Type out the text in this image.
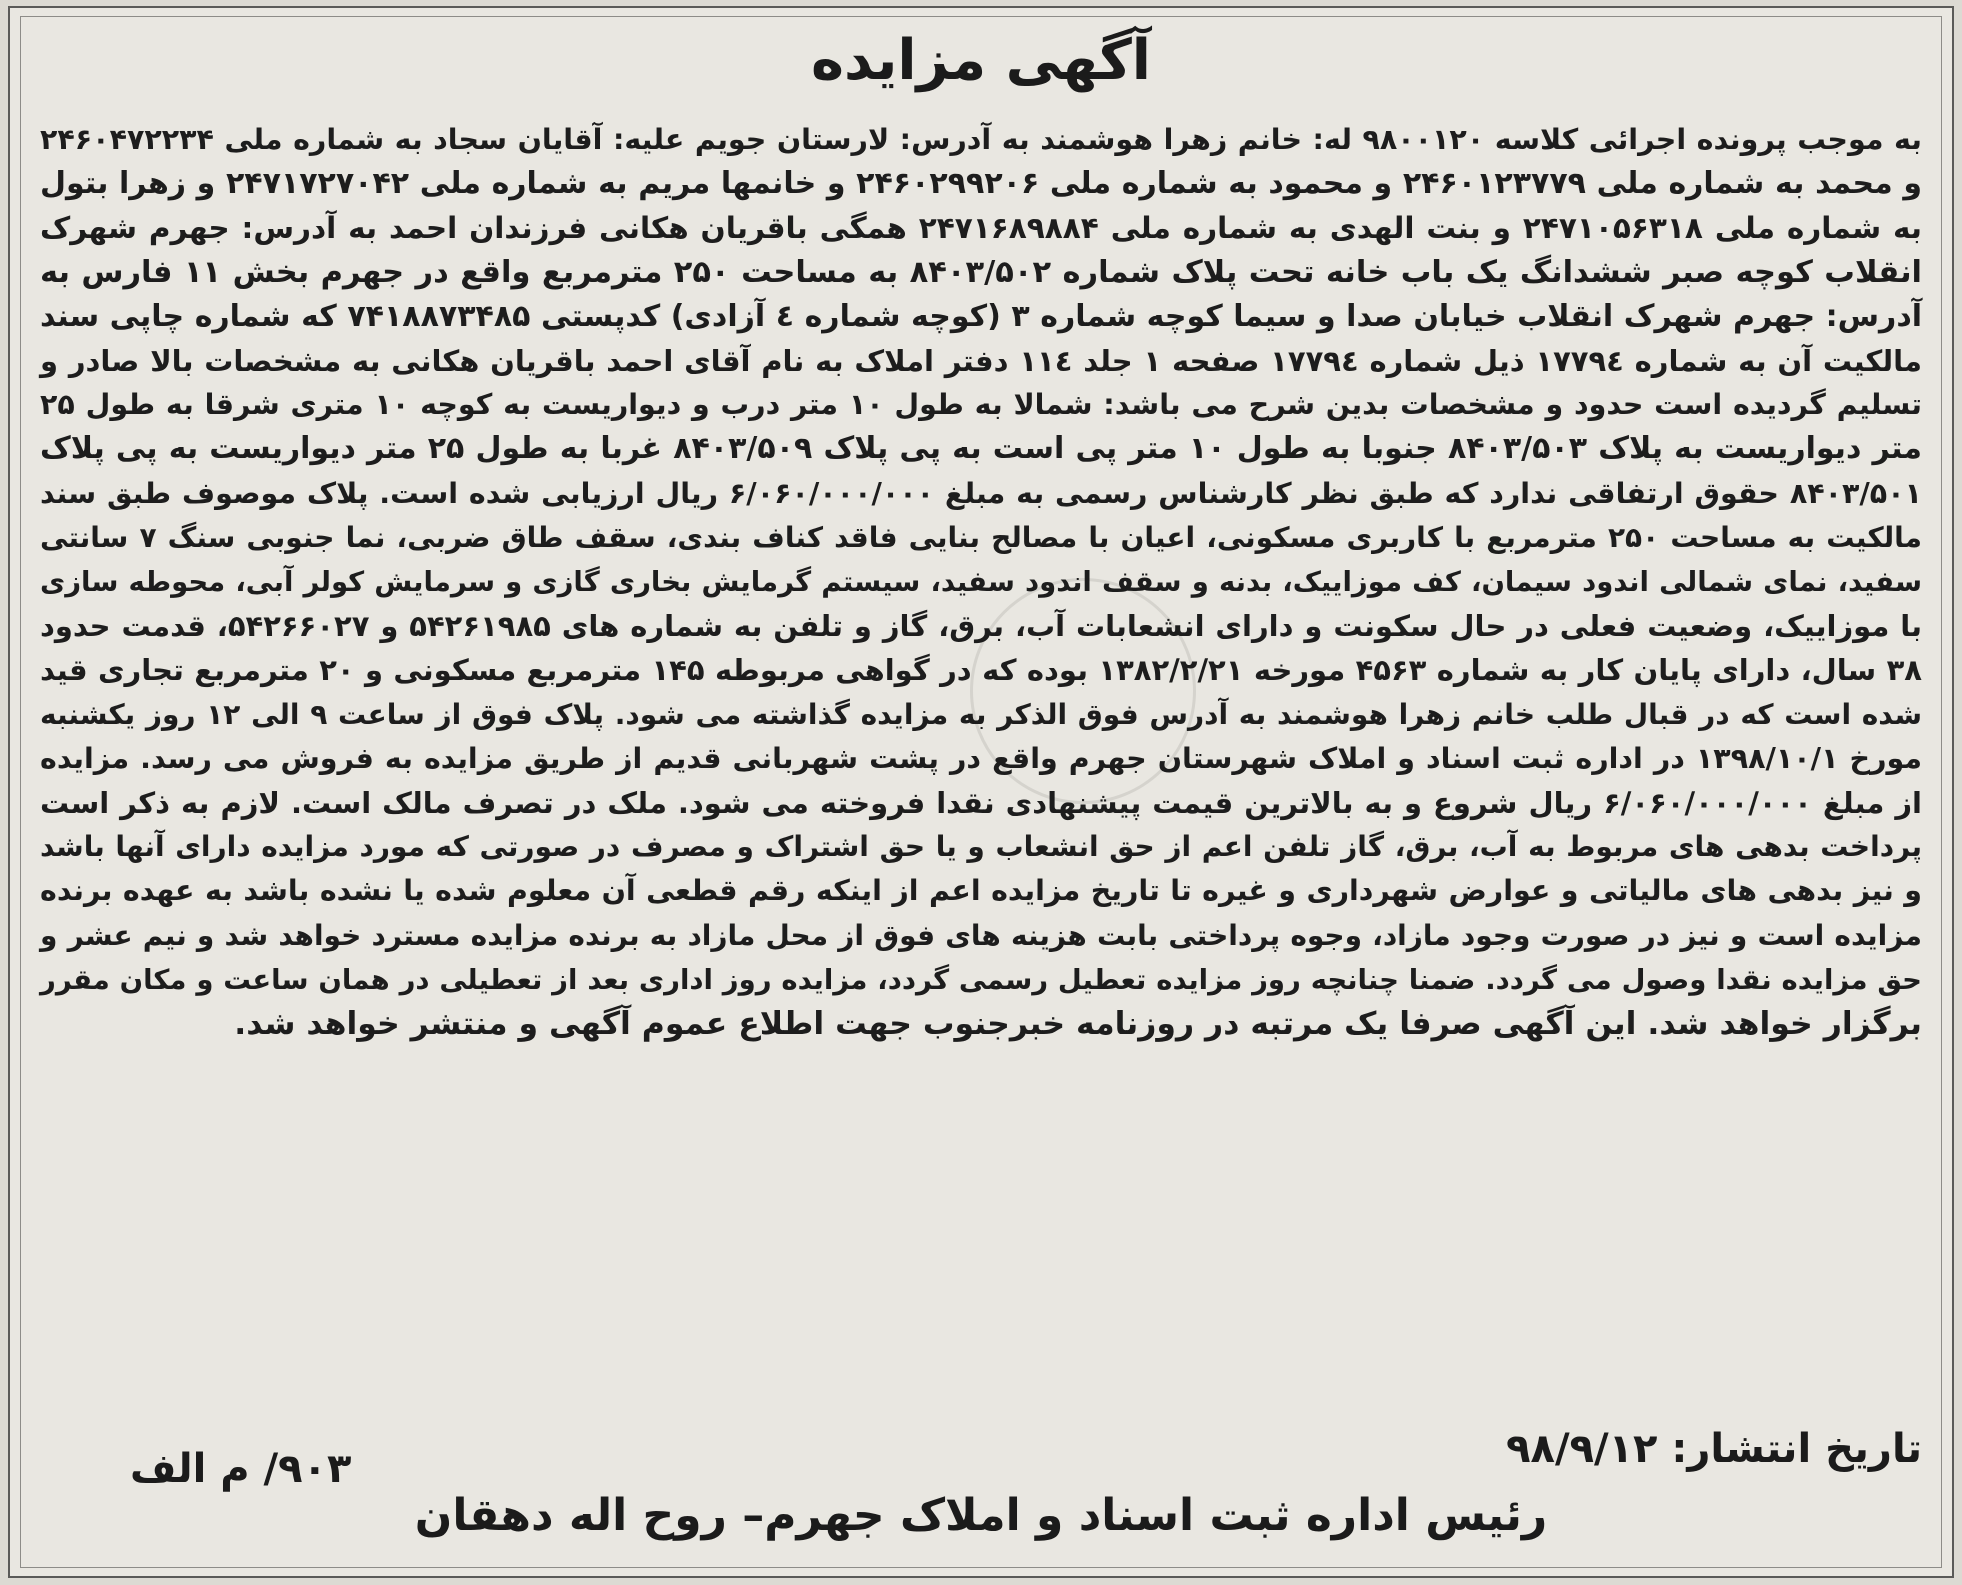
آگهی مزایده
به موجب پرونده اجرائی کلاسه ۹۸۰۰۱۲۰ له: خانم زهرا هوشمند به آدرس: لارستان جویم علیه: آقایان سجاد به شماره ملی ۲۴۶۰۴۷۲۲۳۴
و محمد به شماره ملی ۲۴۶۰۱۲۳۷۷۹ و محمود به شماره ملی ۲۴۶۰۲۹۹۲۰۶ و خانمها مریم به شماره ملی ۲۴۷۱۷۲۷۰۴۲ و زهرا بتول
به شماره ملی ۲۴۷۱۰۵۶۳۱۸ و بنت الهدی به شماره ملی ۲۴۷۱۶۸۹۸۸۴ همگی باقریان هکانی فرزندان احمد به آدرس: جهرم شهرک
انقلاب کوچه صبر ششدانگ یک باب خانه تحت پلاک شماره ۸۴۰۳/۵۰۲ به مساحت ۲۵۰ مترمربع واقع در جهرم بخش ۱۱ فارس به
آدرس: جهرم شهرک انقلاب خیابان صدا و سیما کوچه شماره ۳ (کوچه شماره ٤ آزادی) کدپستی ۷۴۱۸۸۷۳۴۸۵ که شماره چاپی سند
مالکیت آن به شماره ۱۷۷۹٤ ذیل شماره ۱۷۷۹٤ صفحه ۱ جلد ۱۱٤ دفتر املاک به نام آقای احمد باقریان هکانی به مشخصات بالا صادر و
تسلیم گردیده است حدود و مشخصات بدین شرح می باشد: شمالا به طول ۱۰ متر درب و دیواریست به کوچه ۱۰ متری شرقا به طول ۲۵
متر دیواریست به پلاک ۸۴۰۳/۵۰۳ جنوبا به طول ۱۰ متر پی است به پی پلاک ۸۴۰۳/۵۰۹ غربا به طول ۲۵ متر دیواریست به پی پلاک
۸۴۰۳/۵۰۱ حقوق ارتفاقی ندارد که طبق نظر کارشناس رسمی به مبلغ ۶/۰۶۰/۰۰۰/۰۰۰ ریال ارزیابی شده است. پلاک موصوف طبق سند
مالکیت به مساحت ۲۵۰ مترمربع با کاربری مسکونی، اعیان با مصالح بنایی فاقد کناف بندی، سقف طاق ضربی، نما جنوبی سنگ ۷ سانتی
سفید، نمای شمالی اندود سیمان، کف موزاییک، بدنه و سقف اندود سفید، سیستم گرمایش بخاری گازی و سرمایش کولر آبی، محوطه سازی
با موزاییک، وضعیت فعلی در حال سکونت و دارای انشعابات آب، برق، گاز و تلفن به شماره های ۵۴۲۶۱۹۸۵ و ۵۴۲۶۶۰۲۷، قدمت حدود
۳۸ سال، دارای پایان کار به شماره ۴۵۶۳ مورخه ۱۳۸۲/۲/۲۱ بوده که در گواهی مربوطه ۱۴۵ مترمربع مسکونی و ۲۰ مترمربع تجاری قید
شده است که در قبال طلب خانم زهرا هوشمند به آدرس فوق الذکر به مزایده گذاشته می شود. پلاک فوق از ساعت ۹ الی ۱۲ روز یکشنبه
مورخ ۱۳۹۸/۱۰/۱ در اداره ثبت اسناد و املاک شهرستان جهرم واقع در پشت شهربانی قدیم از طریق مزایده به فروش می رسد. مزایده
از مبلغ ۶/۰۶۰/۰۰۰/۰۰۰ ریال شروع و به بالاترین قیمت پیشنهادی نقدا فروخته می شود. ملک در تصرف مالک است. لازم به ذکر است
پرداخت بدهی های مربوط به آب، برق، گاز تلفن اعم از حق انشعاب و یا حق اشتراک و مصرف در صورتی که مورد مزایده دارای آنها باشد
و نیز بدهی های مالیاتی و عوارض شهرداری و غیره تا تاریخ مزایده اعم از اینکه رقم قطعی آن معلوم شده یا نشده باشد به عهده برنده
مزایده است و نیز در صورت وجود مازاد، وجوه پرداختی بابت هزینه های فوق از محل مازاد به برنده مزایده مسترد خواهد شد و نیم عشر و
حق مزایده نقدا وصول می گردد. ضمنا چنانچه روز مزایده تعطیل رسمی گردد، مزایده روز اداری بعد از تعطیلی در همان ساعت و مکان مقرر
برگزار خواهد شد. این آگهی صرفا یک مرتبه در روزنامه خبرجنوب جهت اطلاع عموم آگهی و منتشر خواهد شد.
تاریخ انتشار: ۹۸/۹/۱۲
۹۰۳/ م الف
رئیس اداره ثبت اسناد و املاک جهرم– روح اله دهقان
